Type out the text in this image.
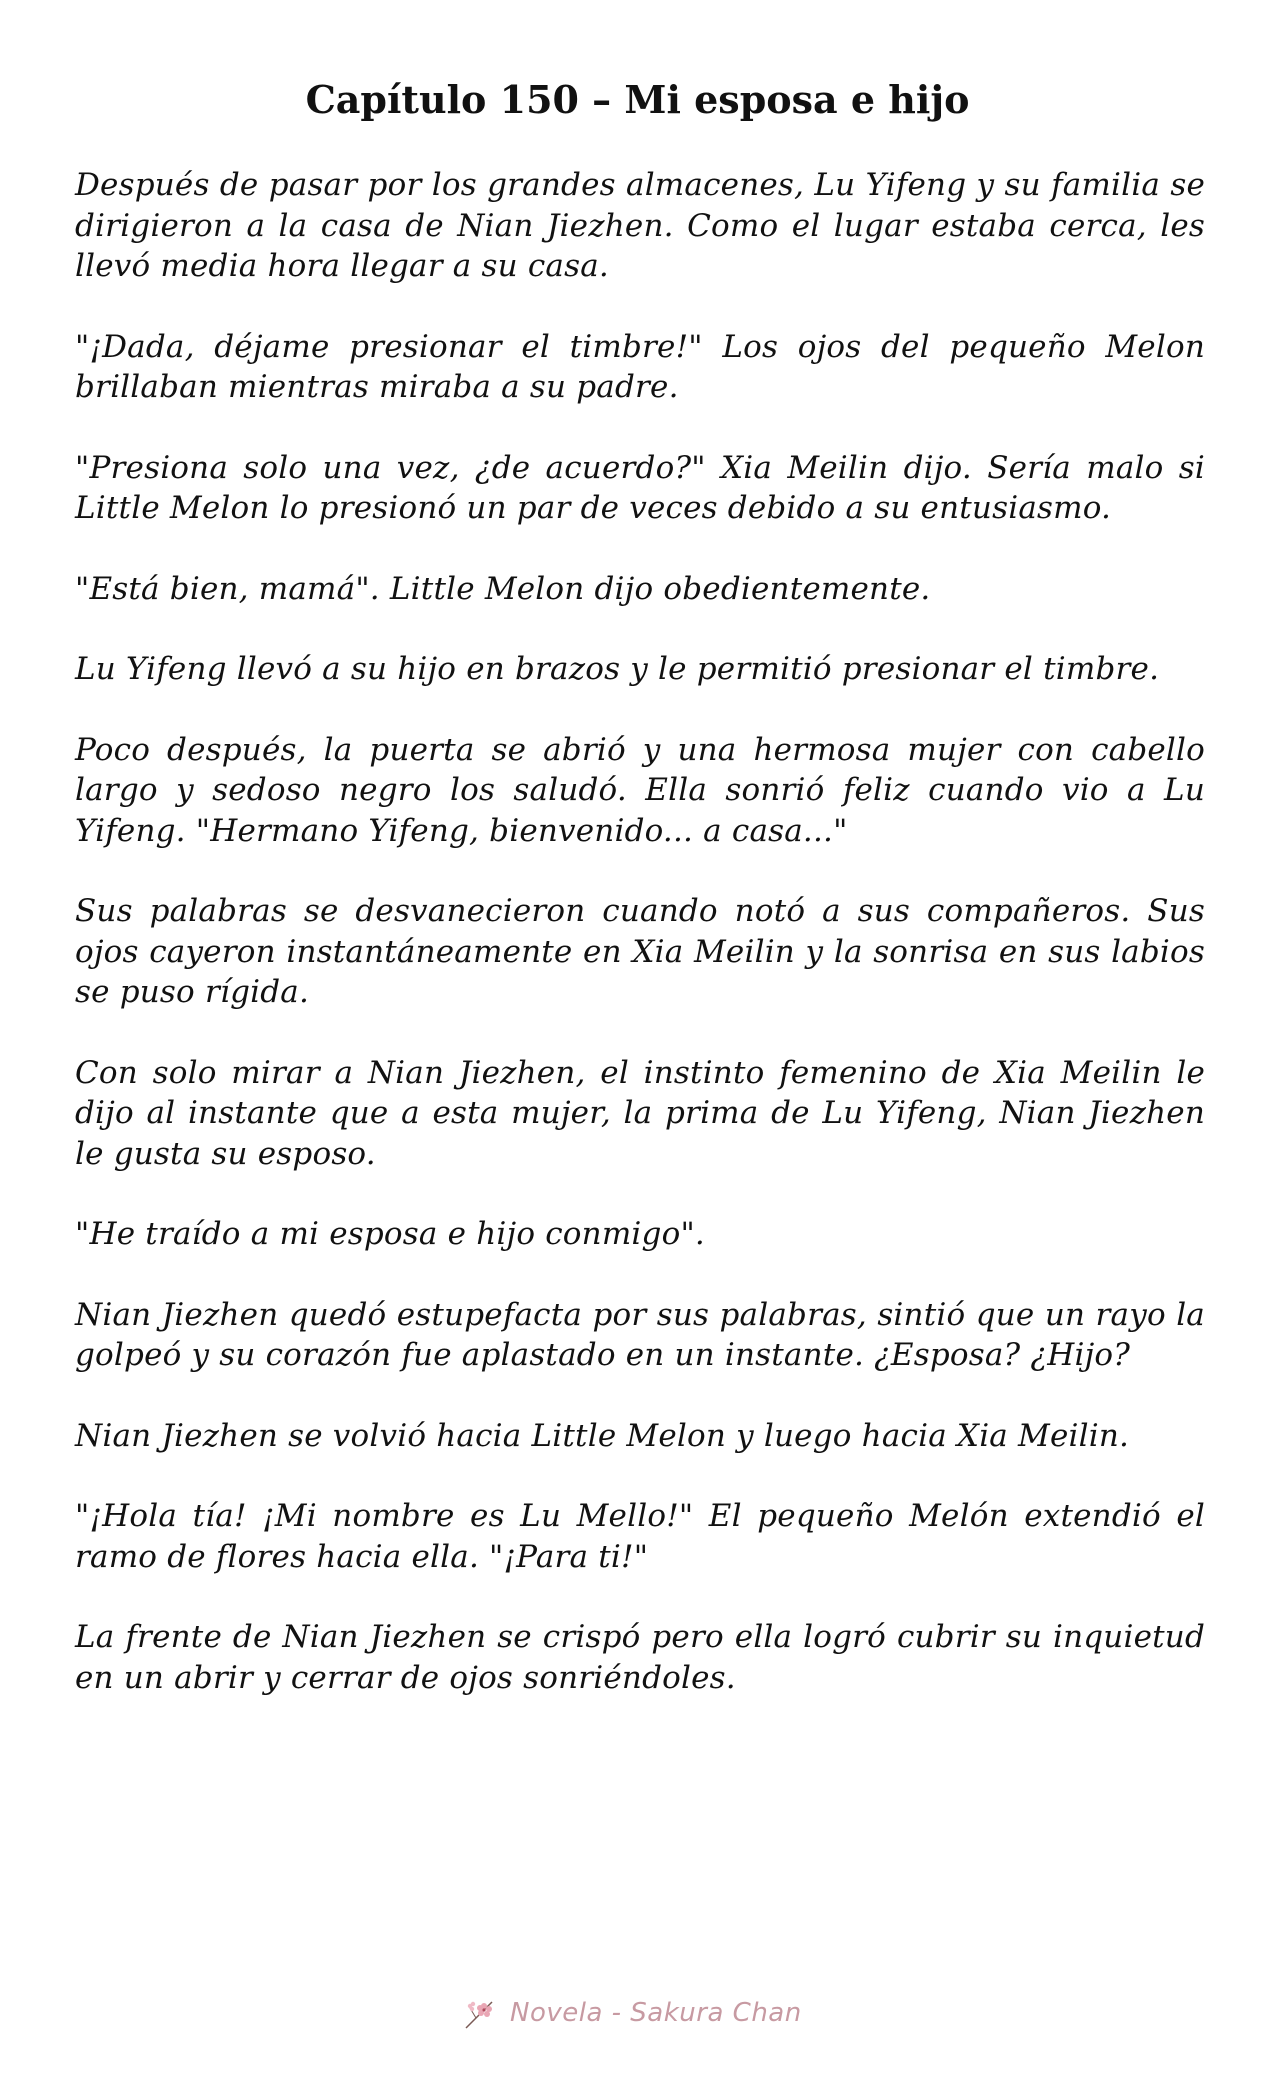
Capítulo 150 – Mi esposa e hijo

Después de pasar por los grandes almacenes, Lu Yifeng y su familia se dirigieron a la casa de Nian Jiezhen. Como el lugar estaba cerca, les llevó media hora llegar a su casa.

"¡Dada, déjame presionar el timbre!" Los ojos del pequeño Melon brillaban mientras miraba a su padre.

"Presiona solo una vez, ¿de acuerdo?" Xia Meilin dijo. Sería malo si Little Melon lo presionó un par de veces debido a su entusiasmo.

"Está bien, mamá". Little Melon dijo obedientemente.

Lu Yifeng llevó a su hijo en brazos y le permitió presionar el timbre.

Poco después, la puerta se abrió y una hermosa mujer con cabello largo y sedoso negro los saludó. Ella sonrió feliz cuando vio a Lu Yifeng. "Hermano Yifeng, bienvenido... a casa..."

Sus palabras se desvanecieron cuando notó a sus compañeros. Sus ojos cayeron instantáneamente en Xia Meilin y la sonrisa en sus labios se puso rígida.

Con solo mirar a Nian Jiezhen, el instinto femenino de Xia Meilin le dijo al instante que a esta mujer, la prima de Lu Yifeng, Nian Jiezhen le gusta su esposo.

"He traído a mi esposa e hijo conmigo".

Nian Jiezhen quedó estupefacta por sus palabras, sintió que un rayo la golpeó y su corazón fue aplastado en un instante. ¿Esposa? ¿Hijo?

Nian Jiezhen se volvió hacia Little Melon y luego hacia Xia Meilin.

"¡Hola tía! ¡Mi nombre es Lu Mello!" El pequeño Melón extendió el ramo de flores hacia ella. "¡Para ti!"

La frente de Nian Jiezhen se crispó pero ella logró cubrir su inquietud en un abrir y cerrar de ojos sonriéndoles.

Novela - Sakura Chan
